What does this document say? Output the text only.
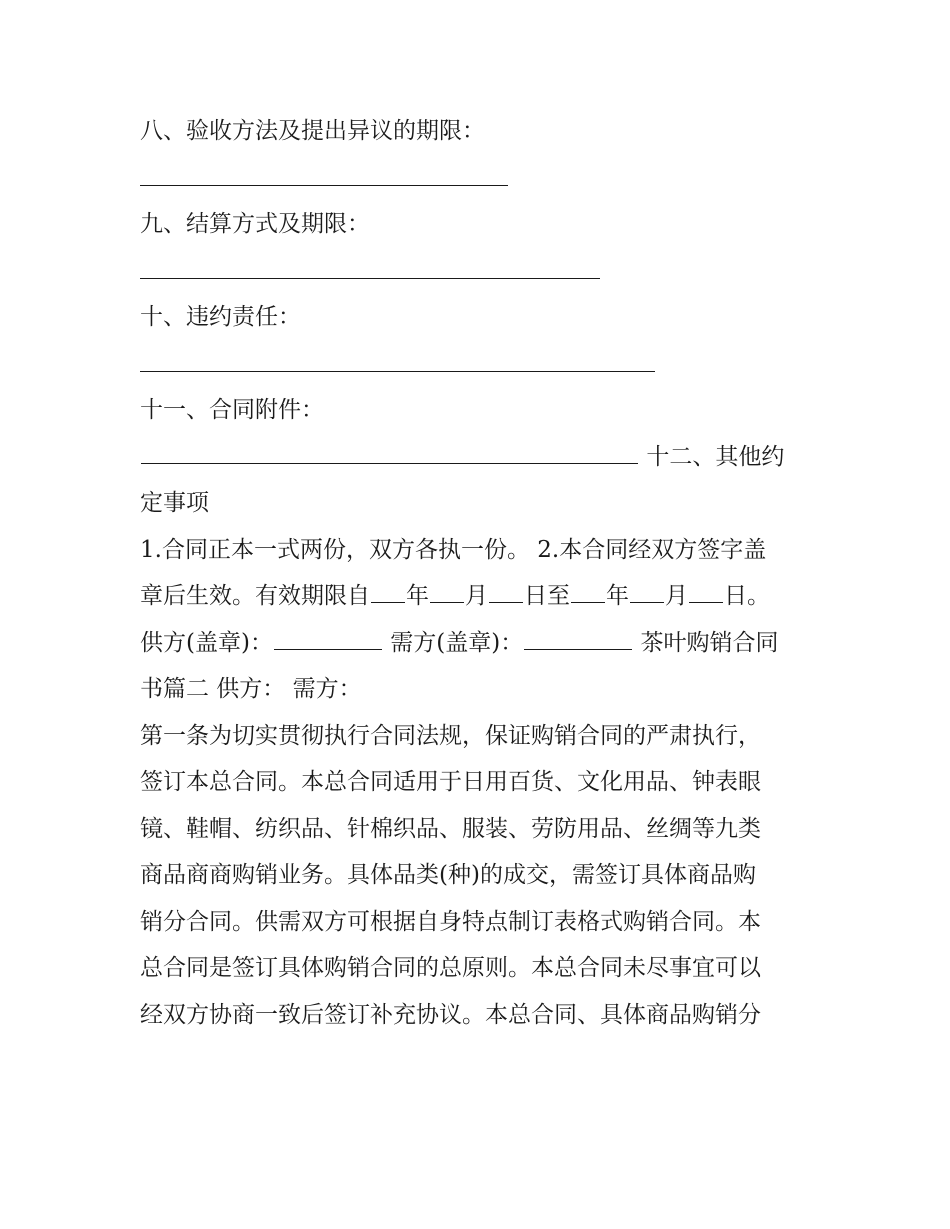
八、验收方法及提出异议的期限：
九、结算方式及期限：
十、违约责任：
十一、合同附件：
十二、其他约
定事项
1.合同正本一式两份，双方各执一份。 2.本合同经双方签字盖
章后生效。有效期限自 年 月 日至 年 月 日。
供方(盖章)：	需方(盖章)：	茶叶购销合同
书篇二 供方： 需方：
第一条为切实贯彻执行合同法规，保证购销合同的严肃执行，
签订本总合同。本总合同适用于日用百货、文化用品、钟表眼
镜、鞋帽、纺织品、针棉织品、服装、劳防用品、丝绸等九类
商品商商购销业务。具体品类(种)的成交，需签订具体商品购
销分合同。供需双方可根据自身特点制订表格式购销合同。本
总合同是签订具体购销合同的总原则。本总合同未尽事宜可以
经双方协商一致后签订补充协议。本总合同、具体商品购销分
